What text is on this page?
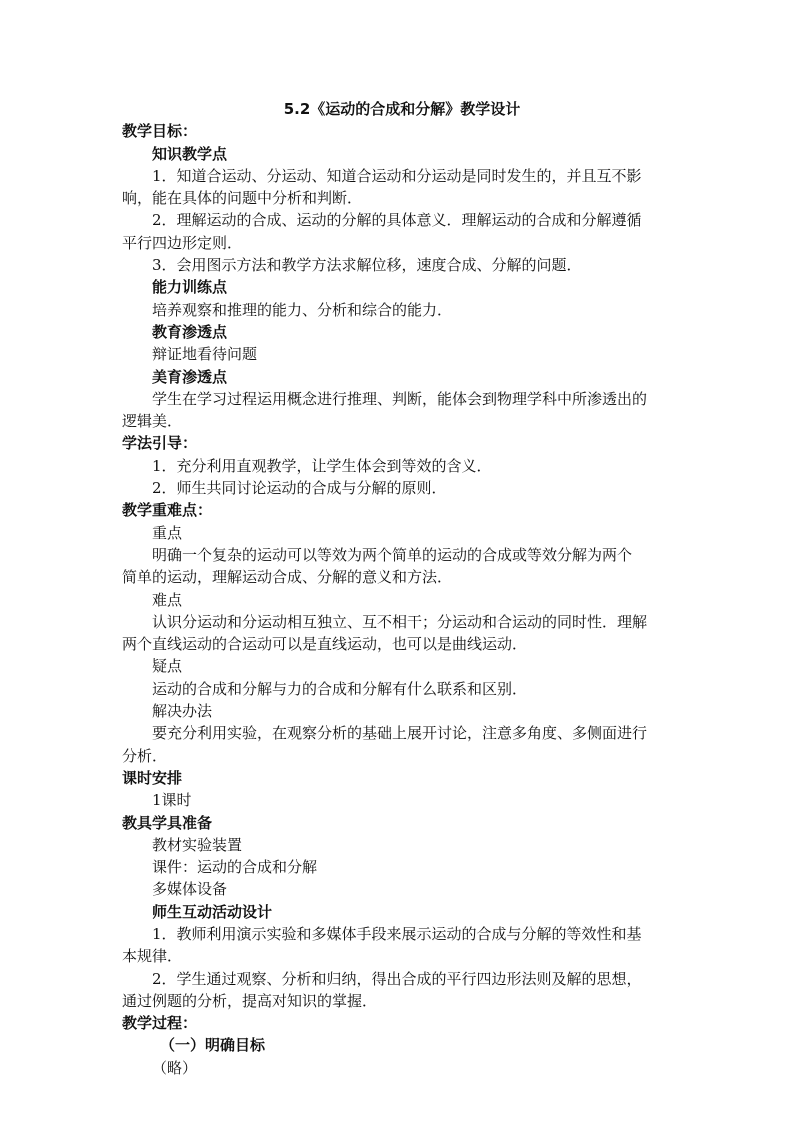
5.2《运动的合成和分解》教学设计
教学目标：
知识教学点
1．知道合运动、分运动、知道合运动和分运动是同时发生的，并且互不影
响，能在具体的问题中分析和判断．
2．理解运动的合成、运动的分解的具体意义．理解运动的合成和分解遵循
平行四边形定则．
3．会用图示方法和教学方法求解位移，速度合成、分解的问题．
能力训练点
培养观察和推理的能力、分析和综合的能力．
教育渗透点
辩证地看待问题
美育渗透点
学生在学习过程运用概念进行推理、判断，能体会到物理学科中所渗透出的
逻辑美．
学法引导：
1．充分利用直观教学，让学生体会到等效的含义．
2．师生共同讨论运动的合成与分解的原则．
教学重难点：
重点
明确一个复杂的运动可以等效为两个简单的运动的合成或等效分解为两个
简单的运动，理解运动合成、分解的意义和方法．
难点
认识分运动和分运动相互独立、互不相干；分运动和合运动的同时性．理解
两个直线运动的合运动可以是直线运动，也可以是曲线运动．
疑点
运动的合成和分解与力的合成和分解有什么联系和区别．
解决办法
要充分利用实验，在观察分析的基础上展开讨论，注意多角度、多侧面进行
分析．
课时安排
1课时
教具学具准备
教材实验装置
课件：运动的合成和分解
多媒体设备
师生互动活动设计
1．教师利用演示实验和多媒体手段来展示运动的合成与分解的等效性和基
本规律．
2．学生通过观察、分析和归纳，得出合成的平行四边形法则及解的思想，
通过例题的分析，提高对知识的掌握．
教学过程：
（一）明确目标
（略）
